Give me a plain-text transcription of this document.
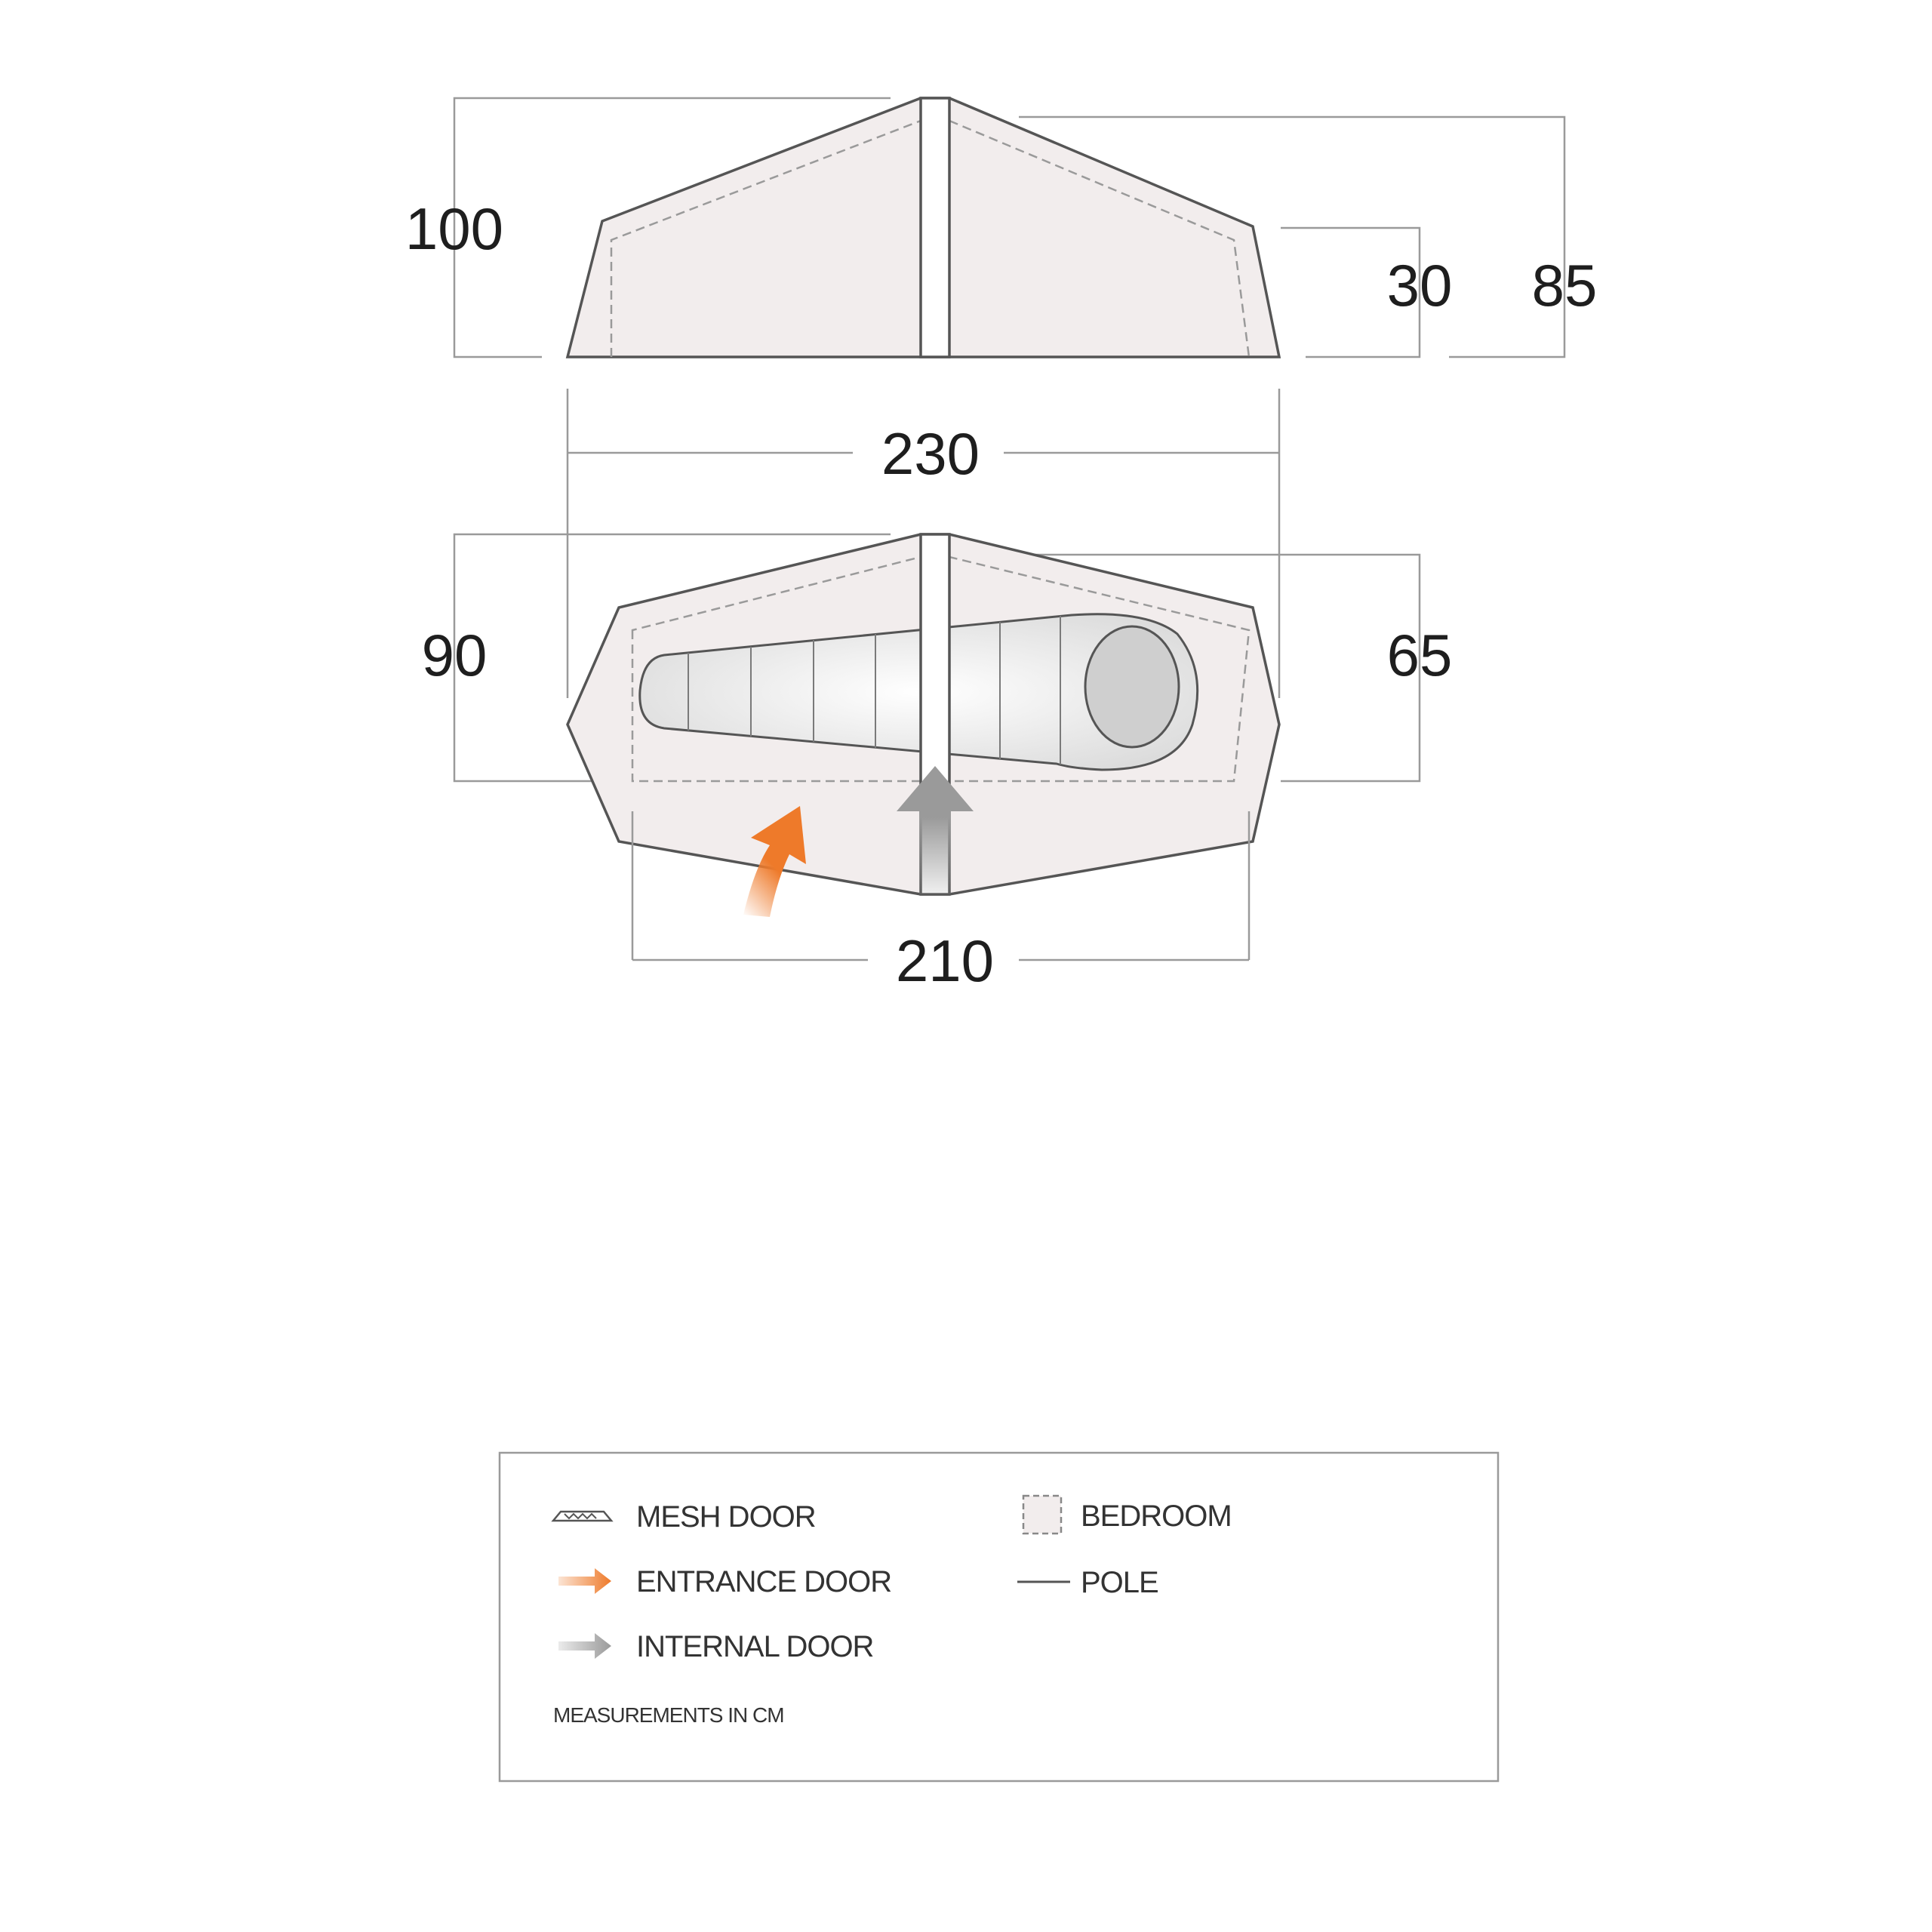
100
30 85
230
90	65
210
MESH DOOR
ENTRANCE DOOR
INTERNAL DOOR
BEDROOM
POLE
MEASUREMENTS IN CM
